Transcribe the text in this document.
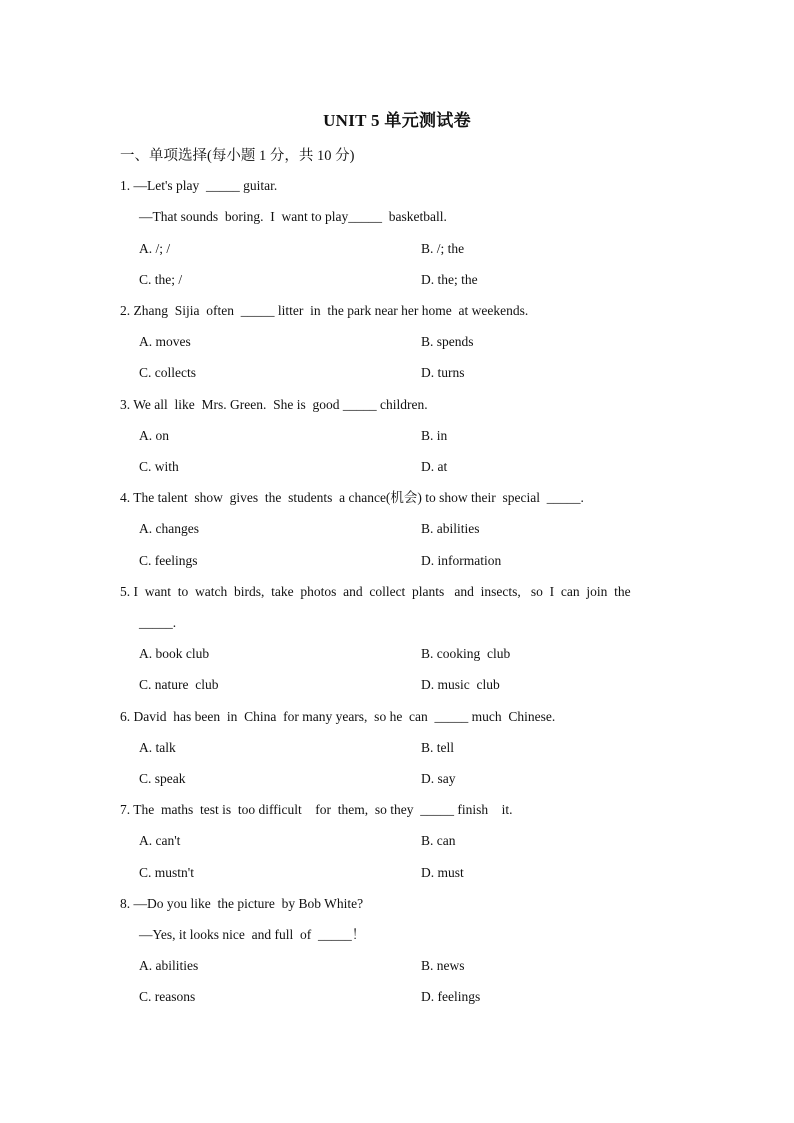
UNIT 5 单元测试卷
一、单项选择(每小题 1 分，共 10 分)
1. —Let's play  _____ guitar.
—That sounds  boring.  I  want to play_____  basketball.
A. /; /	B. /; the
C. the; /	D. the; the
2. Zhang  Sijia  often  _____ litter  in  the park near her home  at weekends.
A. moves	B. spends
C. collects	D. turns
3. We all  like  Mrs. Green.  She is  good _____ children.
A. on	B. in
C. with	D. at
4. The talent  show  gives  the  students  a chance(机会) to show their  special  _____.
A. changes	B. abilities
C. feelings	D. information
5. I  want  to  watch  birds,  take  photos  and  collect  plants   and  insects,   so  I  can  join  the
_____.
A. book club	B. cooking  club
C. nature  club	D. music  club
6. David  has been  in  China  for many years,  so he  can  _____ much  Chinese.
A. talk	B. tell
C. speak	D. say
7. The  maths  test is  too difficult    for  them,  so they  _____ finish    it.
A. can't	B. can
C. mustn't	D. must
8. —Do you like  the picture  by Bob White?
—Yes, it looks nice  and full  of  _____！
A. abilities	B. news
C. reasons	D. feelings
